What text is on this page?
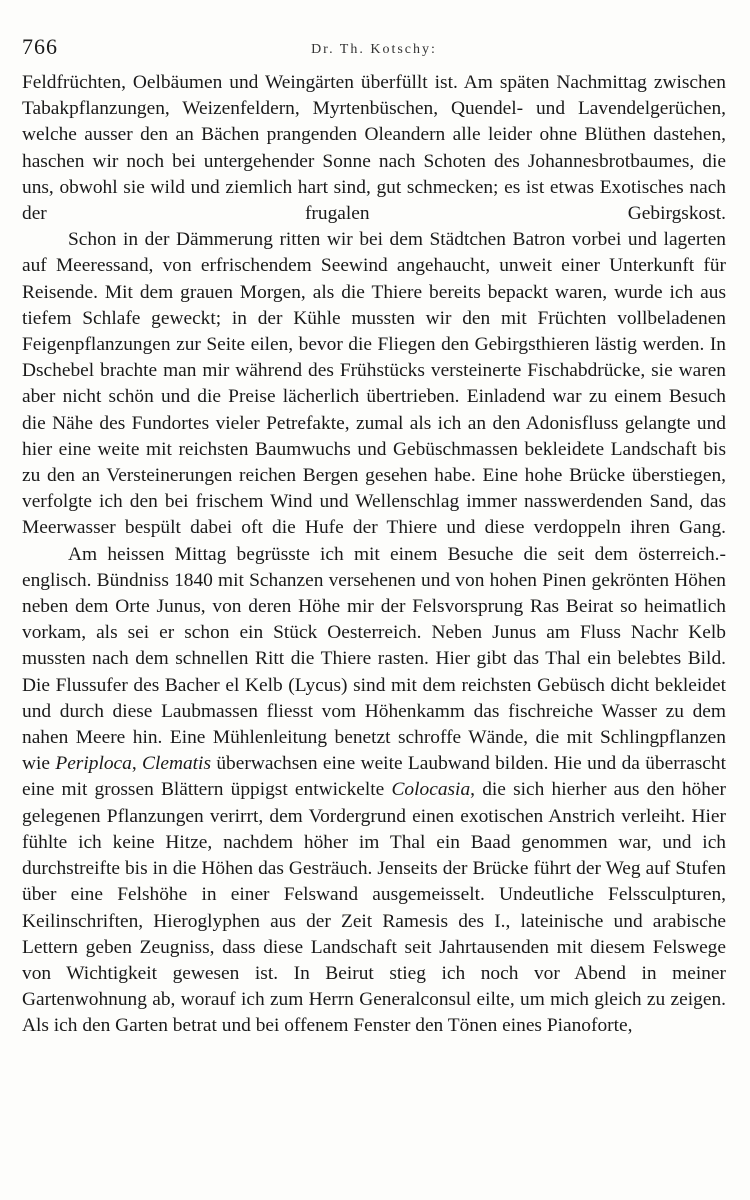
766	Dr. Th. Kotschy:

Feldfrüchten, Oelbäumen und Weingärten überfüllt ist. Am späten Nachmittag zwischen Tabakpflanzungen, Weizenfeldern, Myrtenbüschen, Quendel- und Lavendelgerüchen, welche ausser den an Bächen prangenden Oleandern alle leider ohne Blüthen dastehen, haschen wir noch bei untergehender Sonne nach Schoten des Johannesbrotbaumes, die uns, obwohl sie wild und ziemlich hart sind, gut schmecken; es ist etwas Exotisches nach der frugalen Gebirgskost.

Schon in der Dämmerung ritten wir bei dem Städtchen Batron vorbei und lagerten auf Meeressand, von erfrischendem Seewind angehaucht, unweit einer Unterkunft für Reisende. Mit dem grauen Morgen, als die Thiere bereits bepackt waren, wurde ich aus tiefem Schlafe geweckt; in der Kühle mussten wir den mit Früchten vollbeladenen Feigenpflanzungen zur Seite eilen, bevor die Fliegen den Gebirgsthieren lästig werden. In Dschebel brachte man mir während des Frühstücks versteinerte Fischabdrücke, sie waren aber nicht schön und die Preise lächerlich übertrieben. Einladend war zu einem Besuch die Nähe des Fundortes vieler Petrefakte, zumal als ich an den Adonisfluss gelangte und hier eine weite mit reichsten Baumwuchs und Gebüschmassen bekleidete Landschaft bis zu den an Versteinerungen reichen Bergen gesehen habe. Eine hohe Brücke überstiegen, verfolgte ich den bei frischem Wind und Wellenschlag immer nasswerdenden Sand, das Meerwasser bespült dabei oft die Hufe der Thiere und diese verdoppeln ihren Gang.

Am heissen Mittag begrüsste ich mit einem Besuche die seit dem österreich.-englisch. Bündniss 1840 mit Schanzen versehenen und von hohen Pinen gekrönten Höhen neben dem Orte Junus, von deren Höhe mir der Felsvorsprung Ras Beirat so heimatlich vorkam, als sei er schon ein Stück Oesterreich. Neben Junus am Fluss Nachr Kelb mussten nach dem schnellen Ritt die Thiere rasten. Hier gibt das Thal ein belebtes Bild. Die Flussufer des Bacher el Kelb (Lycus) sind mit dem reichsten Gebüsch dicht bekleidet und durch diese Laubmassen fliesst vom Höhenkamm das fischreiche Wasser zu dem nahen Meere hin. Eine Mühlenleitung benetzt schroffe Wände, die mit Schlingpflanzen wie Periploca, Clematis überwachsen eine weite Laubwand bilden. Hie und da überrascht eine mit grossen Blättern üppigst entwickelte Colocasia, die sich hierher aus den höher gelegenen Pflanzungen verirrt, dem Vordergrund einen exotischen Anstrich verleiht. Hier fühlte ich keine Hitze, nachdem höher im Thal ein Baad genommen war, und ich durchstreifte bis in die Höhen das Gesträuch. Jenseits der Brücke führt der Weg auf Stufen über eine Felshöhe in einer Felswand ausgemeisselt. Undeutliche Felssculpturen, Keilinschriften, Hieroglyphen aus der Zeit Ramesis des I., lateinische und arabische Lettern geben Zeugniss, dass diese Landschaft seit Jahrtausenden mit diesem Felswege von Wichtigkeit gewesen ist. In Beirut stieg ich noch vor Abend in meiner Gartenwohnung ab, worauf ich zum Herrn Generalconsul eilte, um mich gleich zu zeigen. Als ich den Garten betrat und bei offenem Fenster den Tönen eines Pianoforte,
